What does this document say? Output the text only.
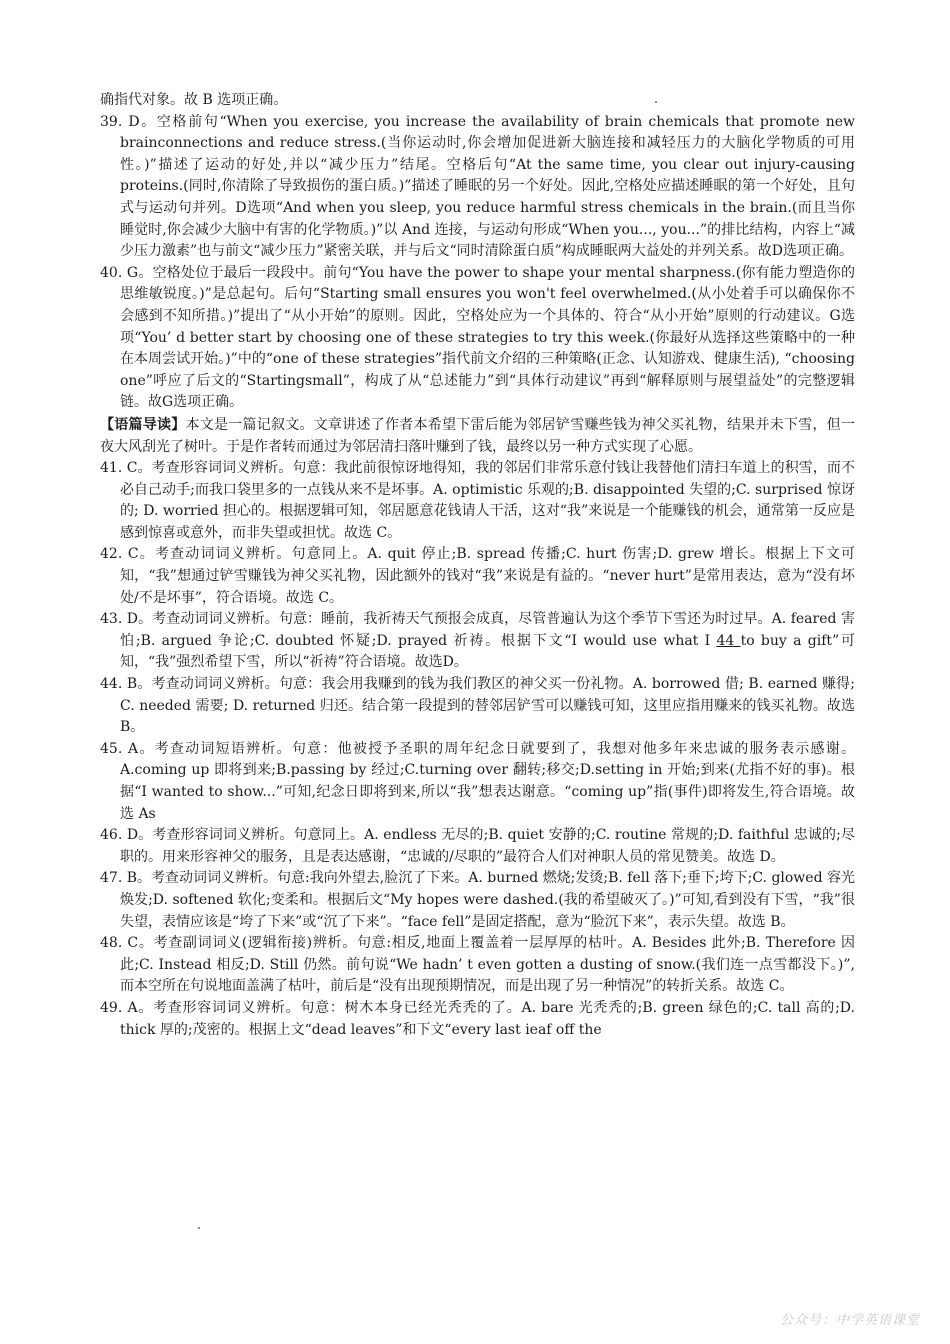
确指代对象。故 B 选项正确。

39. D。空格前句“When you exercise, you increase the availability of brain chemicals that promote new brainconnections and reduce stress.(当你运动时,你会增加促进新大脑连接和减轻压力的大脑化学物质的可用性。)”描述了运动的好处,并以“减少压力”结尾。空格后句“At the same time, you clear out injury-causing proteins.(同时,你清除了导致损伤的蛋白质。)”描述了睡眠的另一个好处。因此,空格处应描述睡眠的第一个好处，且句式与运动句并列。D选项“And when you sleep, you reduce harmful stress chemicals in the brain.(而且当你睡觉时,你会减少大脑中有害的化学物质。)”以 And 连接，与运动句形成“When you..., you...”的排比结构，内容上“减少压力激素”也与前文“减少压力”紧密关联，并与后文“同时清除蛋白质”构成睡眠两大益处的并列关系。故D选项正确。

40. G。空格处位于最后一段段中。前句“You have the power to shape your mental sharpness.(你有能力塑造你的思维敏锐度。)”是总起句。后句“Starting small ensures you won't feel overwhelmed.(从小处着手可以确保你不会感到不知所措。)”提出了“从小开始”的原则。因此，空格处应为一个具体的、符合“从小开始”原则的行动建议。G选项“You’ d better start by choosing one of these strategies to try this week.(你最好从选择这些策略中的一种在本周尝试开始。)”中的“one of these strategies”指代前文介绍的三种策略(正念、认知游戏、健康生活), “choosing one”呼应了后文的“Startingsmall”，构成了从“总述能力”到“具体行动建议”再到“解释原则与展望益处”的完整逻辑链。故G选项正确。

【语篇导读】本文是一篇记叙文。文章讲述了作者本希望下雷后能为邻居铲雪赚些钱为神父买礼物，结果并未下雪，但一夜大风刮光了树叶。于是作者转而通过为邻居清扫落叶赚到了钱，最终以另一种方式实现了心愿。

41. C。考查形容词词义辨析。句意：我此前很惊讶地得知，我的邻居们非常乐意付钱让我替他们清扫车道上的积雪，而不必自己动手;而我口袋里多的一点钱从来不是坏事。A. optimistic 乐观的;B. disappointed 失望的;C. surprised 惊讶的; D. worried 担心的。根据逻辑可知，邻居愿意花钱请人干活，这对“我”来说是一个能赚钱的机会，通常第一反应是感到惊喜或意外，而非失望或担忧。故选 C。

42. C。考查动词词义辨析。句意同上。A. quit 停止;B. spread 传播;C. hurt 伤害;D. grew 增长。根据上下文可知，“我”想通过铲雪赚钱为神父买礼物，因此额外的钱对“我”来说是有益的。“never hurt”是常用表达，意为“没有坏处/不是坏事”，符合语境。故选 C。

43. D。考查动词词义辨析。句意：睡前，我祈祷天气预报会成真，尽管普遍认为这个季节下雪还为时过早。A. feared 害怕;B. argued 争论;C. doubted 怀疑;D. prayed 祈祷。根据下文“I would use what I 44 to buy a gift”可知，“我”强烈希望下雪，所以“祈祷”符合语境。故选D。

44. B。考查动词词义辨析。句意：我会用我赚到的钱为我们教区的神父买一份礼物。A. borrowed 借; B. earned 赚得; C. needed 需要; D. returned 归还。结合第一段提到的替邻居铲雪可以赚钱可知，这里应指用赚来的钱买礼物。故选 B。

45. A。考查动词短语辨析。句意：他被授予圣职的周年纪念日就要到了，我想对他多年来忠诚的服务表示感谢。A.coming up 即将到来;B.passing by 经过;C.turning over 翻转;移交;D.setting in 开始;到来(尤指不好的事)。根据“I wanted to show...”可知,纪念日即将到来,所以“我”想表达谢意。“coming up”指(事件)即将发生,符合语境。故选 As

46. D。考查形容词词义辨析。句意同上。A. endless 无尽的;B. quiet 安静的;C. routine 常规的;D. faithful 忠诚的;尽职的。用来形容神父的服务，且是表达感谢，“忠诚的/尽职的”最符合人们对神职人员的常见赞美。故选 D。

47. B。考查动词词义辨析。句意:我向外望去,脸沉了下来。A. burned 燃烧;发烫;B. fell 落下;垂下;垮下;C. glowed 容光焕发;D. softened 软化;变柔和。根据后文“My hopes were dashed.(我的希望破灭了。)”可知,看到没有下雪，“我”很失望，表情应该是“垮了下来”或“沉了下来”。“face fell”是固定搭配，意为“脸沉下来”，表示失望。故选 B。

48. C。考查副词词义(逻辑衔接)辨析。句意:相反,地面上覆盖着一层厚厚的枯叶。A. Besides 此外;B. Therefore 因此;C. Instead 相反;D. Still 仍然。前句说“We hadn’ t even gotten a dusting of snow.(我们连一点雪都没下。)”,而本空所在句说地面盖满了枯叶，前后是“没有出现预期情况，而是出现了另一种情况”的转折关系。故选 C。

49. A。考查形容词词义辨析。句意：树木本身已经光秃秃的了。A. bare 光秃秃的;B. green 绿色的;C. tall 高的;D. thick 厚的;茂密的。根据上文“dead leaves”和下文“every last ieaf off the

公众号：中学英语课堂
